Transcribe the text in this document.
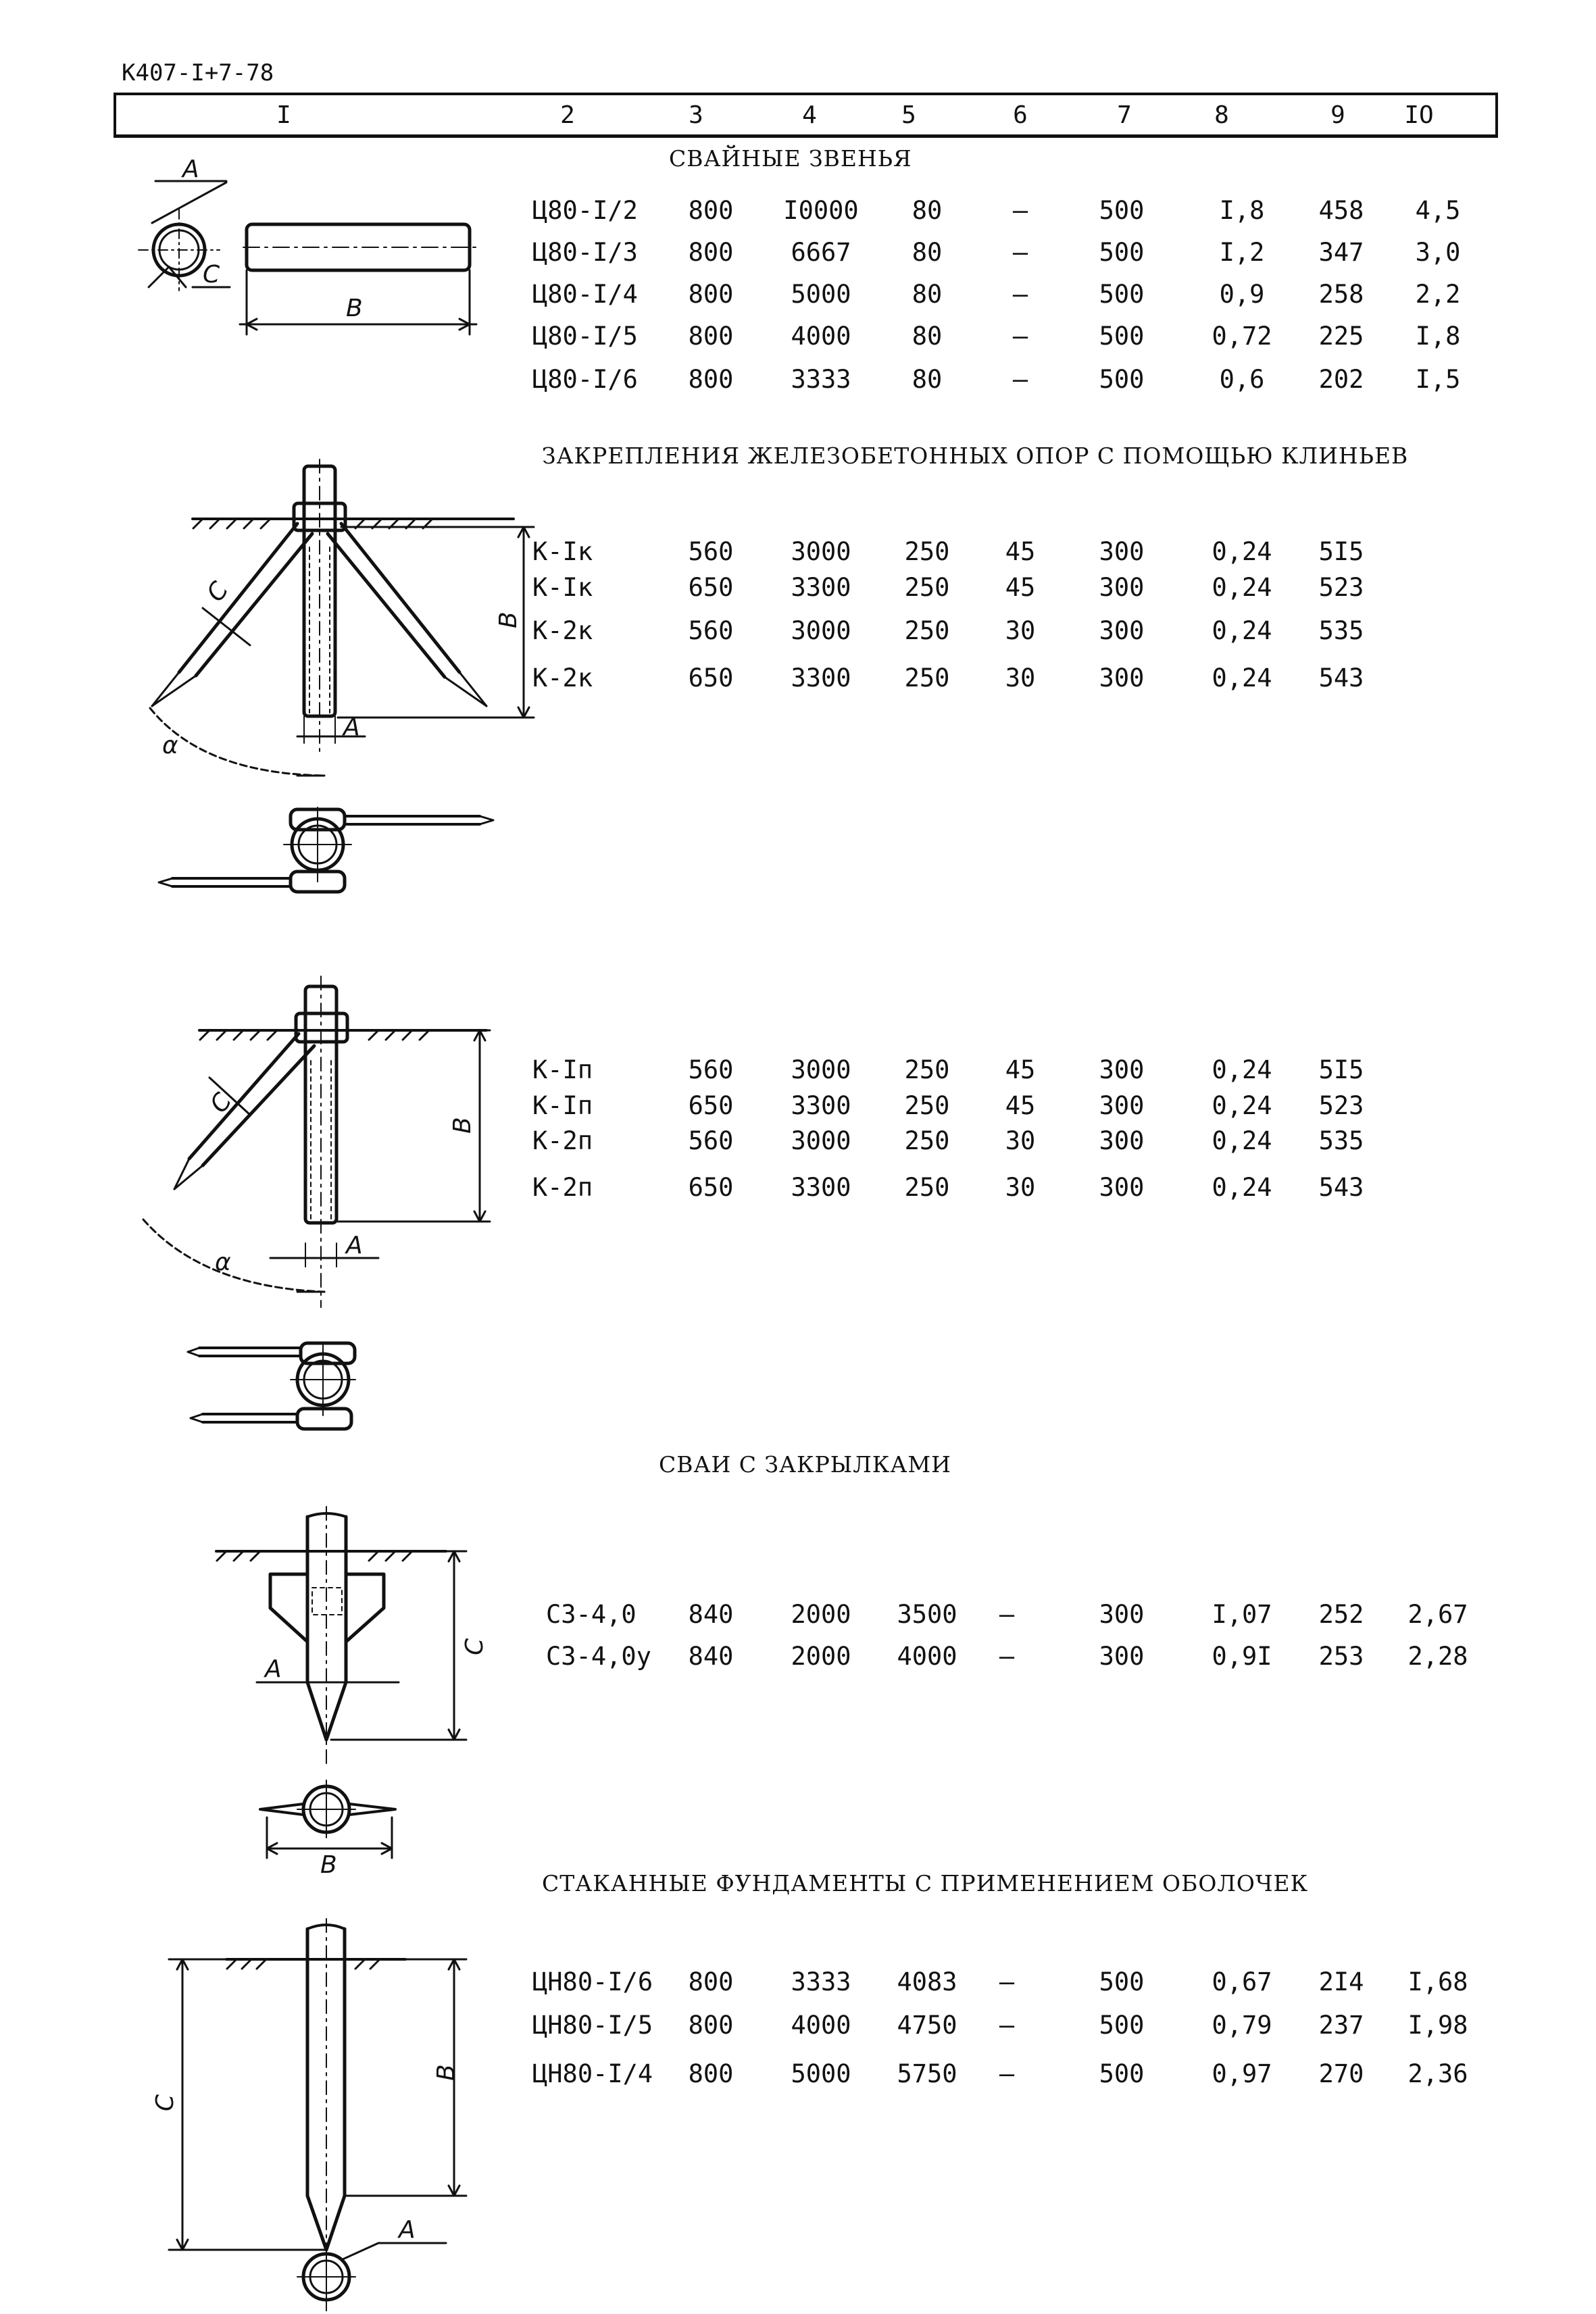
К407-І+7-78
I	2	3	4	5	6	7	8	9 IO
СВАЙНЫЕ ЗВЕНЬЯ
ЗАКРЕПЛЕНИЯ ЖЕЛЕЗОБЕТОННЫХ ОПОР С ПОМОЩЬЮ КЛИНЬЕВ
СВАИ С ЗАКРЫЛКАМИ
СТАКАННЫЕ ФУНДАМЕНТЫ С ПРИМЕНЕНИЕМ ОБОЛОЧЕК
Ц80-І/2 800 I0000 80	–	500	I,8 458 4,5
Ц80-І/3 800 6667 80	–	500	I,2 347 3,0
Ц80-І/4 800 5000 80	–	500	0,9 258 2,2
Ц80-І/5 800 4000 80	–	500	0,72 225 I,8
Ц80-І/6 800 3333 80	–	500	0,6 202 I,5
К-Iк	560 3000 250 45	300	0,24 5I5
К-Iк	650 3300 250 45	300	0,24 523
К-2к	560 3000 250 30	300	0,24 535
К-2к	650 3300 250 30	300	0,24 543
К-Iп	560 3000 250 45	300	0,24 5I5
К-Iп	650 3300 250 45	300	0,24 523
К-2п	560 3000 250 30	300	0,24 535
К-2п	650 3300 250 30	300	0,24 543
СЗ-4,0 840 2000 3500 –	300	I,07 252 2,67
СЗ-4,0у 840 2000 4000 –	300	0,9I 253 2,28
ЦН80-І/6 800 3333 4083 –	500	0,67 2I4 I,68
ЦН80-І/5 800 4000 4750 –	500	0,79 237 I,98
ЦН80-І/4 800 5000 5750 –	500	0,97 270 2,36
A
C
B
C
B
A
α
C
B
A
α
A
C
B
C
B
A
